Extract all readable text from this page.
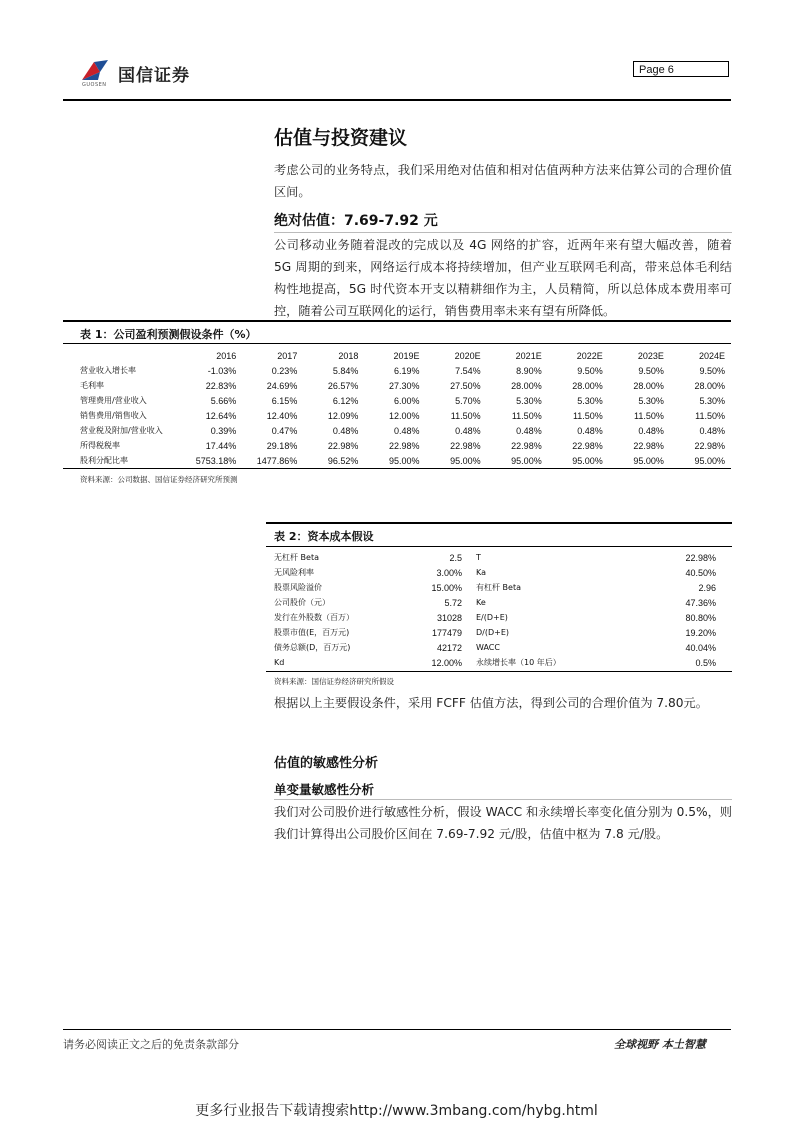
国信证券
GUOSEN
Page 6
估值与投资建议
考虑公司的业务特点，我们采用绝对估值和相对估值两种方法来估算公司的合理价值区间。
绝对估值：7.69-7.92 元
公司移动业务随着混改的完成以及 4G 网络的扩容，近两年来有望大幅改善，随着 5G 周期的到来，网络运行成本将持续增加，但产业互联网毛利高，带来总体毛利结构性地提高，5G 时代资本开支以精耕细作为主，人员精简，所以总体成本费用率可控，随着公司互联网化的运行，销售费用率未来有望有所降低。
表 1：公司盈利预测假设条件（%）
	2016	2017	2018	2019E	2020E	2021E	2022E	2023E	2024E
营业收入增长率	-1.03%	0.23%	5.84%	6.19%	7.54%	8.90%	9.50%	9.50%	9.50%
毛利率	22.83%	24.69%	26.57%	27.30%	27.50%	28.00%	28.00%	28.00%	28.00%
管理费用/营业收入	5.66%	6.15%	6.12%	6.00%	5.70%	5.30%	5.30%	5.30%	5.30%
销售费用/销售收入	12.64%	12.40%	12.09%	12.00%	11.50%	11.50%	11.50%	11.50%	11.50%
营业税及附加/营业收入	0.39%	0.47%	0.48%	0.48%	0.48%	0.48%	0.48%	0.48%	0.48%
所得税税率	17.44%	29.18%	22.98%	22.98%	22.98%	22.98%	22.98%	22.98%	22.98%
股利分配比率	5753.18%	1477.86%	96.52%	95.00%	95.00%	95.00%	95.00%	95.00%	95.00%
资料来源：公司数据、国信证券经济研究所预测
表 2：资本成本假设
无杠杆 Beta	2.5	T	22.98%
无风险利率	3.00%	Ka	40.50%
股票风险溢价	15.00%	有杠杆 Beta	2.96
公司股价（元）	5.72	Ke	47.36%
发行在外股数（百万）	31028	E/(D+E)	80.80%
股票市值(E，百万元)	177479	D/(D+E)	19.20%
债务总额(D，百万元)	42172	WACC	40.04%
Kd	12.00%	永续增长率（10 年后）	0.5%
资料来源：国信证券经济研究所假设
根据以上主要假设条件，采用 FCFF 估值方法，得到公司的合理价值为 7.80元。
估值的敏感性分析
单变量敏感性分析
我们对公司股价进行敏感性分析，假设 WACC 和永续增长率变化值分别为 0.5%，则我们计算得出公司股价区间在 7.69-7.92 元/股，估值中枢为 7.8 元/股。
请务必阅读正文之后的免责条款部分	全球视野 本土智慧
更多行业报告下载请搜索http://www.3mbang.com/hybg.html
